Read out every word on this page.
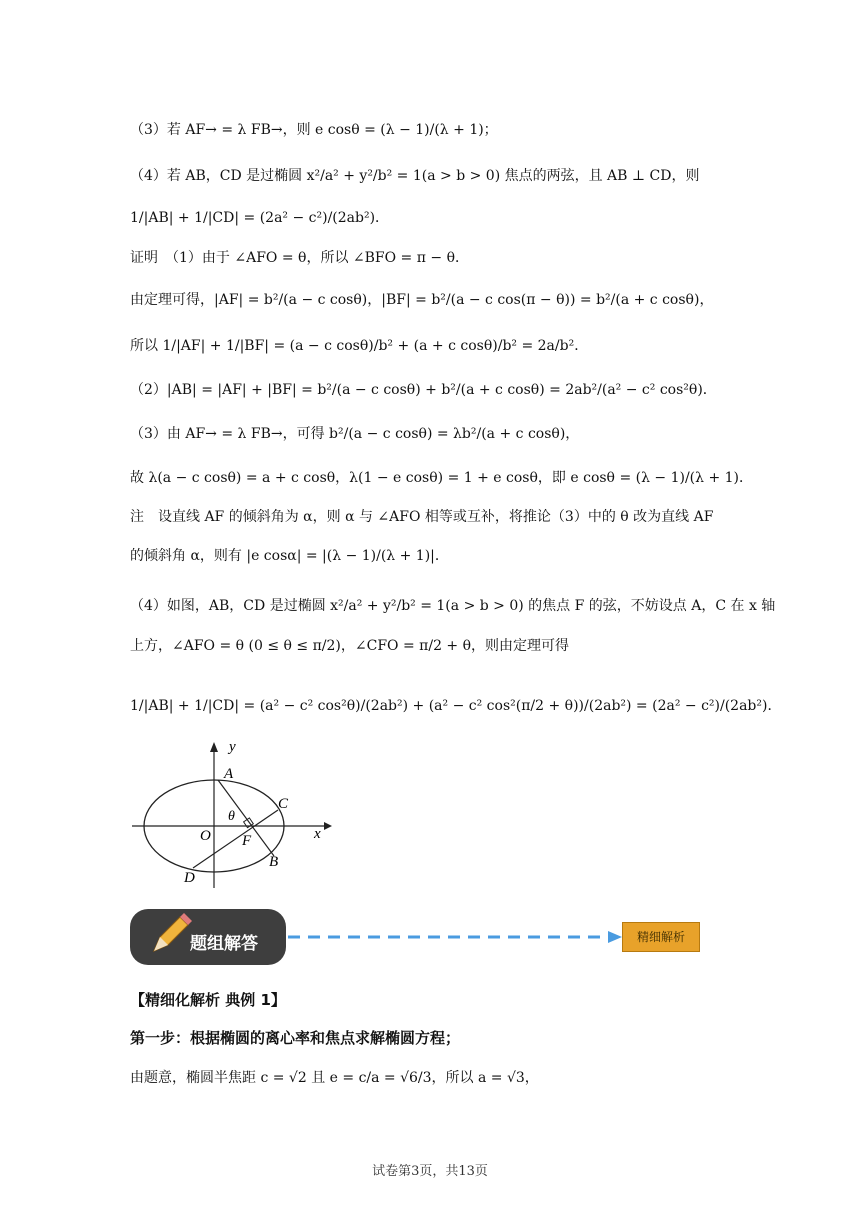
（3）若 AF→ = λ FB→，则 e cosθ = (λ − 1)/(λ + 1)；
（4）若 AB，CD 是过椭圆 x²/a² + y²/b² = 1(a > b > 0) 焦点的两弦，且 AB ⊥ CD，则
1/|AB| + 1/|CD| = (2a² − c²)/(2ab²)．
证明　（1）由于 ∠AFO = θ，所以 ∠BFO = π − θ．
由定理可得，|AF| = b²/(a − c cosθ)，|BF| = b²/(a − c cos(π − θ)) = b²/(a + c cosθ)，
所以 1/|AF| + 1/|BF| = (a − c cosθ)/b² + (a + c cosθ)/b² = 2a/b²．
（2）|AB| = |AF| + |BF| = b²/(a − c cosθ) + b²/(a + c cosθ) = 2ab²/(a² − c² cos²θ)．
（3）由 AF→ = λ FB→，可得 b²/(a − c cosθ) = λb²/(a + c cosθ)，
故 λ(a − c cosθ) = a + c cosθ，λ(1 − e cosθ) = 1 + e cosθ，即 e cosθ = (λ − 1)/(λ + 1)．
注　设直线 AF 的倾斜角为 α，则 α 与 ∠AFO 相等或互补，将推论（3）中的 θ 改为直线 AF
的倾斜角 α，则有 |e cosα| = |(λ − 1)/(λ + 1)|．
（4）如图，AB，CD 是过椭圆 x²/a² + y²/b² = 1(a > b > 0) 的焦点 F 的弦，不妨设点 A，C 在 x 轴
上方，∠AFO = θ (0 ≤ θ ≤ π/2)，∠CFO = π/2 + θ，则由定理可得
1/|AB| + 1/|CD| = (a² − c² cos²θ)/(2ab²) + (a² − c² cos²(π/2 + θ))/(2ab²) = (2a² − c²)/(2ab²)．
y
x
O
A
B
C
D
F
θ
题组解答	精细解析
【精细化解析 典例 1】
第一步：根据椭圆的离心率和焦点求解椭圆方程；
由题意，椭圆半焦距 c = √2 且 e = c/a = √6/3，所以 a = √3，
试卷第3页，共13页
